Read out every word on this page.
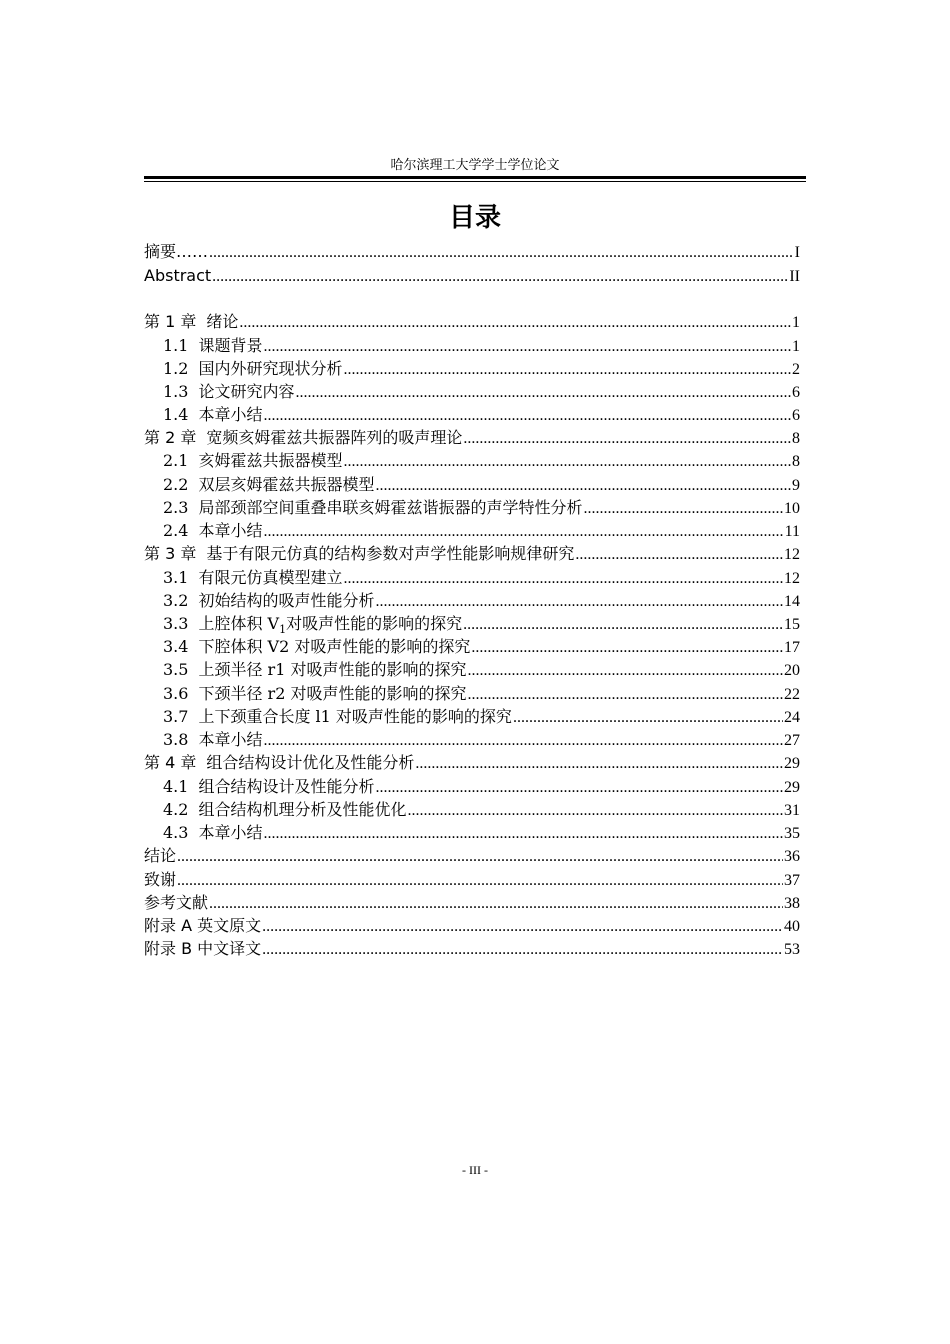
哈尔滨理工大学学士学位论文
目录
摘要…… .....	I
Abstract .....	II
第 1 章 绪论 .....	1
1.1 课题背景 .....	1
1.2 国内外研究现状分析 .....	2
1.3 论文研究内容 .....	6
1.4 本章小结 .....	6
第 2 章 宽频亥姆霍兹共振器阵列的吸声理论 .....	8
2.1 亥姆霍兹共振器模型 .....	8
2.2 双层亥姆霍兹共振器模型 .....	9
2.3 局部颈部空间重叠串联亥姆霍兹谐振器的声学特性分析 .....	10
2.4 本章小结 .....	11
第 3 章 基于有限元仿真的结构参数对声学性能影响规律研究 .....	12
3.1 有限元仿真模型建立 .....	12
3.2 初始结构的吸声性能分析 .....	14
3.3 上腔体积 $V_1$对吸声性能的影响的探究 .....	15
3.4 下腔体积 V2 对吸声性能的影响的探究 .....	17
3.5 上颈半径 r1 对吸声性能的影响的探究 .....	20
3.6 下颈半径 r2 对吸声性能的影响的探究 .....	22
3.7 上下颈重合长度 l1 对吸声性能的影响的探究 .....	24
3.8 本章小结 .....	27
第 4 章 组合结构设计优化及性能分析 .....	29
4.1 组合结构设计及性能分析 .....	29
4.2 组合结构机理分析及性能优化 .....	31
4.3 本章小结 .....	35
结论 .....	36
致谢 .....	37
参考文献 .....	38
附录 A 英文原文 .....	40
附录 B 中文译文 .....	53
- III -
